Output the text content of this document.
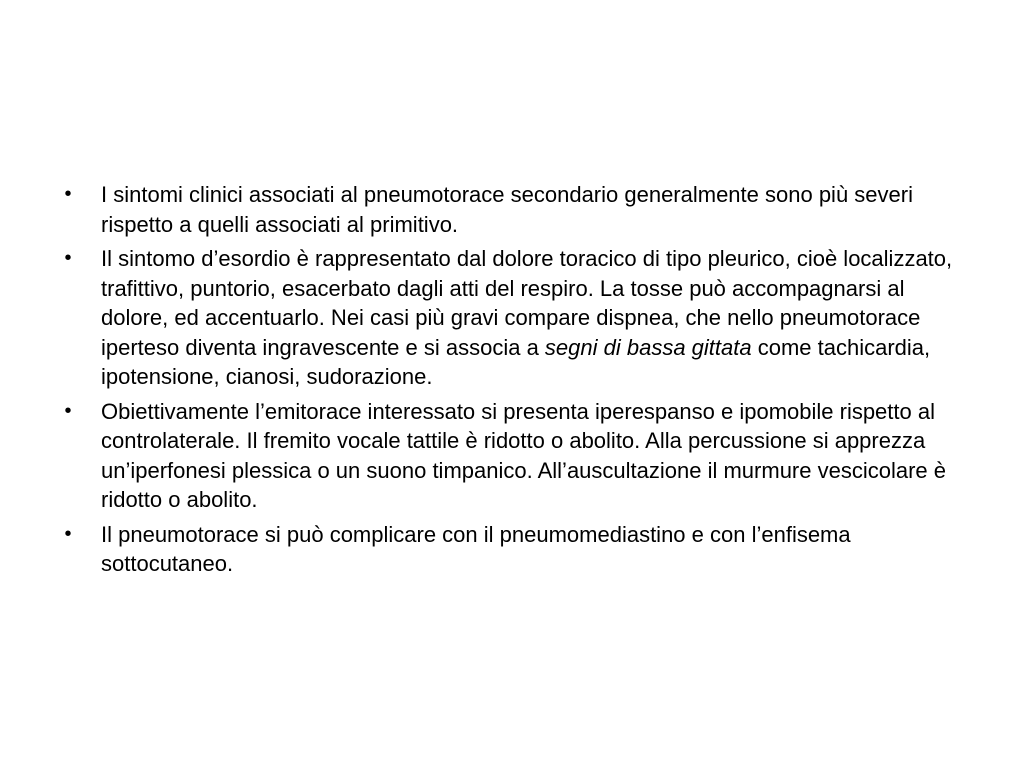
• I sintomi clinici associati al pneumotorace secondario generalmente sono più severi rispetto a quelli associati al primitivo.
• Il sintomo d’esordio è rappresentato dal dolore toracico di tipo pleurico, cioè localizzato, trafittivo, puntorio, esacerbato dagli atti del respiro. La tosse può accompagnarsi al dolore, ed accentuarlo. Nei casi più gravi compare dispnea, che nello pneumotorace iperteso diventa ingravescente e si associa a segni di bassa gittata come tachicardia, ipotensione, cianosi, sudorazione.
• Obiettivamente l’emitorace interessato si presenta iperespanso e ipomobile rispetto al controlaterale. Il fremito vocale tattile è ridotto o abolito. Alla percussione si apprezza un’iperfonesi plessica o un suono timpanico. All’auscultazione il murmure vescicolare è ridotto o abolito.
• Il pneumotorace si può complicare con il pneumomediastino e con l’enfisema sottocutaneo.
